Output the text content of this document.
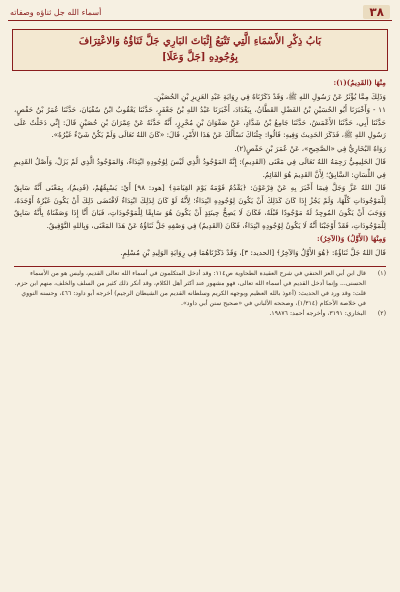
٣٨
أسماء الله جل ثناؤه وصفاته
بَابُ ذِكْرِ الأَسْمَاءِ الَّتِي تَتْبَعُ إِثْبَاتَ البَارِي جَلَّ ثَنَاؤُهُ وَالاعْتِرَافَ
بِوُجُودِهِ [جَلَّ وَعَلَا]

مِنْهَا (القَدِيمُ)(١):

وَذَلِكَ مِمَّا يُؤْثَرُ عَنْ رَسُولِ اللهِ ﷺ، وَقَدْ ذَكَرْنَاهُ فِي رِوَايَةِ عَبْدِ العَزِيزِ بْنِ الحُصَيْنِ.

١١ - وَأَخْبَرَنَا أَبُو الحُسَيْنِ بْنُ الفَضْلِ القَطَّانُ، بِبَغْدَادَ، أَخْبَرَنَا عَبْدُ اللهِ بْنُ جَعْفَرٍ، حَدَّثَنَا يَعْقُوبُ ابْنُ سُفْيَانَ، حَدَّثَنَا عُمَرُ بْنُ حَفْصٍ، حَدَّثَنَا أَبِي، حَدَّثَنَا الأَعْمَشُ، حَدَّثَنَا جَامِعُ بْنُ شَدَّادٍ، عَنْ صَفْوَانَ بْنِ مُحْرِزٍ، أَنَّهُ حَدَّثَهُ عَنْ عِمْرَانَ بْنِ حُصَيْنٍ قَالَ: إِنِّي دَخَلْتُ عَلَى رَسُولِ اللهِ ﷺ، فَذَكَرَ الحَدِيثَ وَفِيهِ: قَالُوا: جِئْنَاكَ نَسْأَلُكَ عَنْ هَذَا الأَمْرِ، قَالَ: «كَانَ اللهُ تَعَالَى وَلَمْ يَكُنْ شَيْءٌ غَيْرُهُ».

رَوَاهُ البُخَارِيُّ فِي «الصَّحِيحِ»، عَنْ عُمَرَ بْنِ حَفْصٍ(٢).

قَالَ الحَلِيمِيُّ رَحِمَهُ اللهُ تَعَالَى فِي مَعْنَى (القَدِيمِ): إِنَّهُ المَوْجُودُ الَّذِي لَيْسَ لِوُجُودِهِ ابْتِدَاءٌ، وَالمَوْجُودُ الَّذِي لَمْ يَزَلْ، وَأَصْلُ القَدِيمِ فِي اللِّسَانِ: السَّابِقُ؛ لِأَنَّ القَدِيمَ هُوَ القَائِمُ.

قَالَ اللهُ عَزَّ وَجَلَّ فِيمَا أَخْبَرَ بِهِ عَنْ فِرْعَوْنَ: ﴿يَقْدُمُ قَوْمَهُ يَوْمَ القِيَامَةِ﴾ [هود: ٩٨] أَيْ: يَسْبِقُهُمْ، (قَدِيمٌ)، بِمَعْنَى أَنَّهُ سَابِقٌ لِلْمَوْجُودَاتِ كُلِّهَا، وَلَمْ يَجُزْ إِذَا كَانَ كَذَلِكَ أَنْ يَكُونَ لِوُجُودِهِ ابْتِدَاءٌ؛ لِأَنَّهُ لَوْ كَانَ لِذَلِكَ ابْتِدَاءٌ لَاقْتَضَى ذَلِكَ أَنْ يَكُونَ غَيْرُهُ أَوْجَدَهُ، وَوَجَبَ أَنْ يَكُونَ المُوجِدُ لَهُ مَوْجُودًا قَبْلَهُ، فَكَانَ لَا يَصِحُّ حِينَئِذٍ أَنْ يَكُونَ هُوَ سَابِقًا لِلْمَوْجُودَاتِ، فَبَانَ أَنَّا إِذَا وَصَفْنَاهُ بِأَنَّهُ سَابِقٌ لِلْمَوْجُودَاتِ، فَقَدْ أَوْجَبْنَا أَنَّهُ لَا يَكُونُ لِوُجُودِهِ ابْتِدَاءٌ، فَكَانَ (القَدِيمُ) فِي وَصْفِهِ جَلَّ ثَنَاؤُهُ عَنْ هَذَا المَعْنَى، وَبِاللهِ التَّوْفِيقُ.

وَمِنْهَا (الأَوَّلُ) وَ(الآخِرُ):

قَالَ اللهُ جَلَّ ثَنَاؤُهُ: ﴿هُوَ الأَوَّلُ وَالآخِرُ﴾ [الحديد: ٣]، وَقَدْ ذَكَرْنَاهُمَا فِي رِوَايَةِ الوَلِيدِ بْنِ مُسْلِمٍ.

(١)
قال ابن أبي العز الحنفي في شرح العقيدة الطحاوية ص١١٤: وقد أدخل المتكلمون في أسماء الله تعالى القديم، وليس هو من الأسماء الحسنى... وإنما أدخل القديم في أسماء الله تعالى، فهو مشهور عند أكثر أهل الكلام، وقد أنكر ذلك كثير من السلف والخلف، منهم ابن حزم.
قلت: وقد ورد في الحديث: (أعوذ بالله العظيم وبوجهه الكريم وسلطانه القديم من الشيطان الرجيم) أخرجه أبو داود: ٤٦٦، وحسنه النووي في خلاصة الأحكام (١/٣١٤)، وصححه الألباني في «صحيح سنن أبي داود».
(٢)
البخاري: ٣١٩١، وأخرجه أحمد: ١٩٨٧٦.
